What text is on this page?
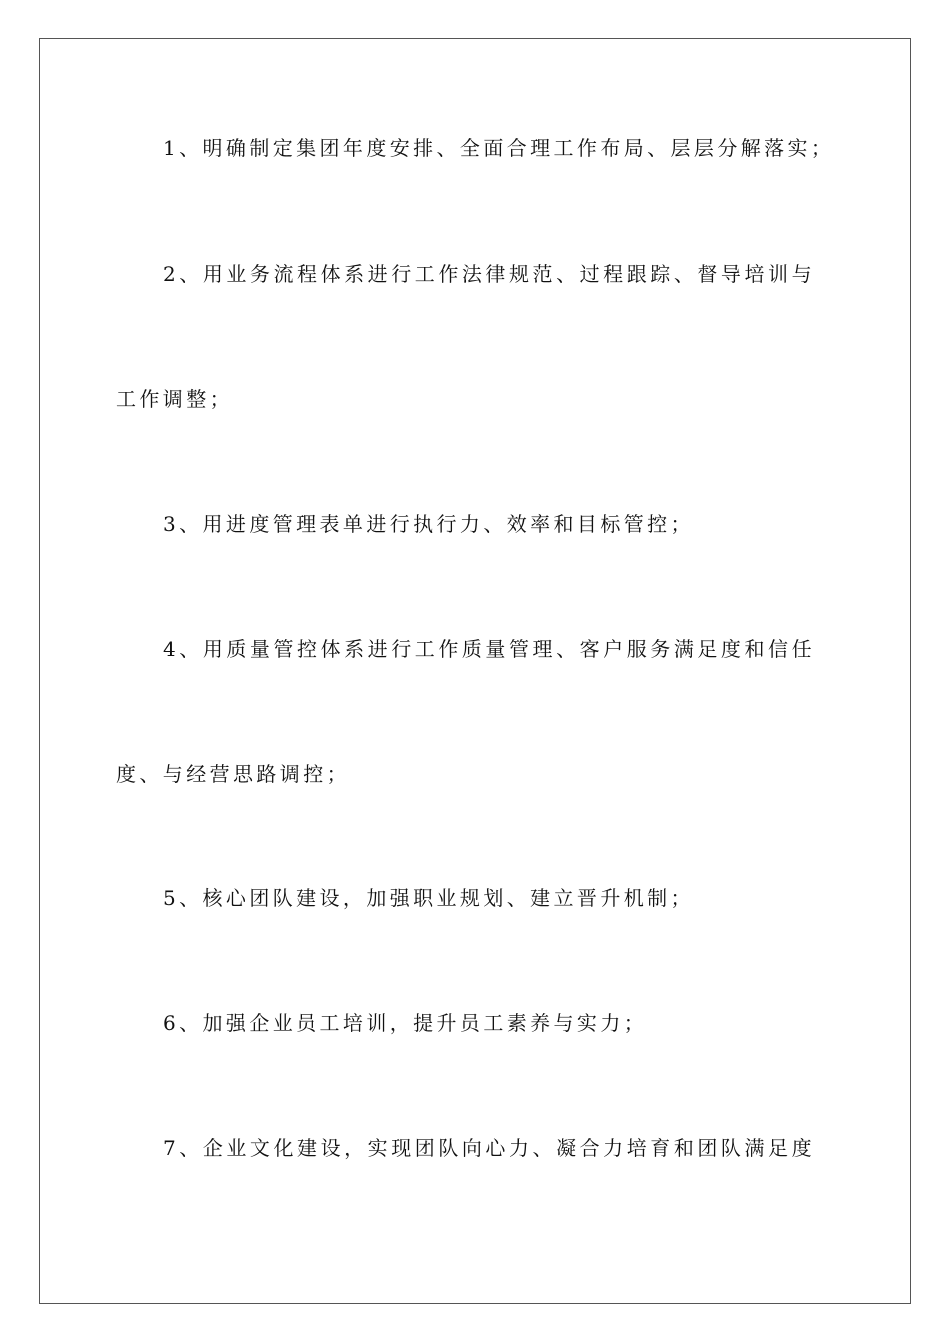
1、明确制定集团年度安排、全面合理工作布局、层层分解落实；
2、用业务流程体系进行工作法律规范、过程跟踪、督导培训与
工作调整；
3、用进度管理表单进行执行力、效率和目标管控；
4、用质量管控体系进行工作质量管理、客户服务满足度和信任
度、与经营思路调控；
5、核心团队建设，加强职业规划、建立晋升机制；
6、加强企业员工培训，提升员工素养与实力；
7、企业文化建设，实现团队向心力、凝合力培育和团队满足度
